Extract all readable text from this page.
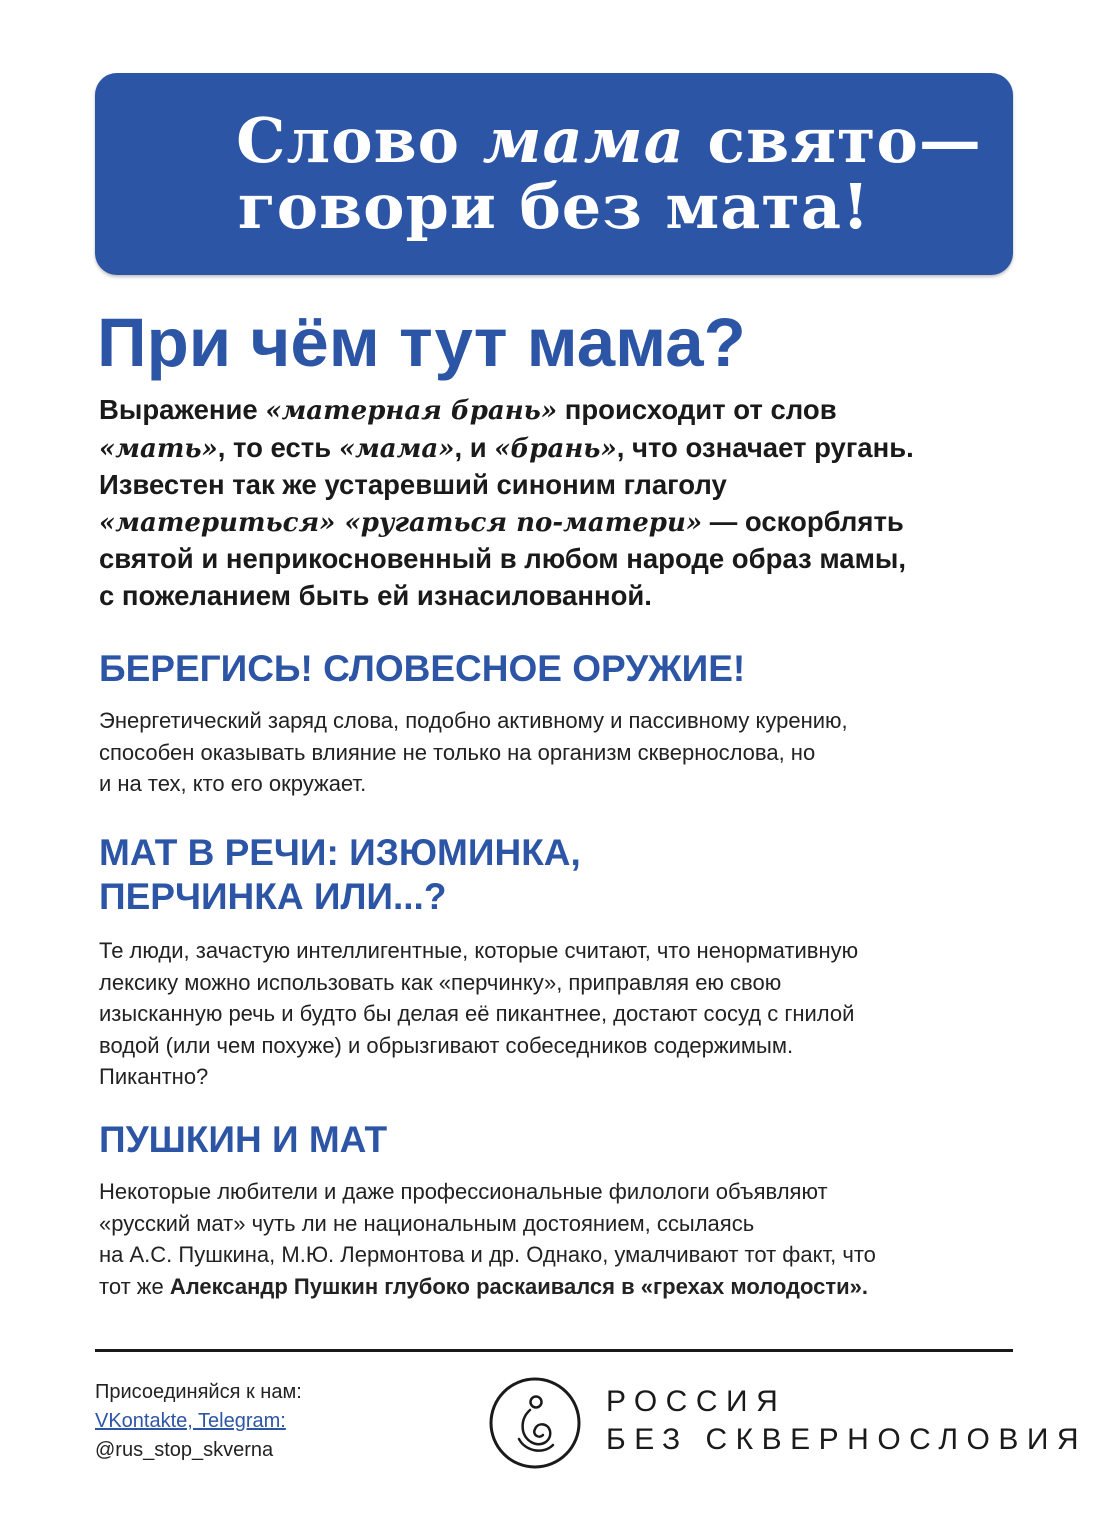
Слово мама свято—
говори без мата!
При чём тут мама?
Выражение «матерная брань» происходит от слов
«мать», то есть «мама», и «брань», что означает ругань.
Известен так же устаревший синоним глаголу
«материться» «ругаться по-матери» — оскорблять
святой и неприкосновенный в любом народе образ мамы,
с пожеланием быть ей изнасилованной.
БЕРЕГИСЬ! СЛОВЕСНОЕ ОРУЖИЕ!
Энергетический заряд слова, подобно активному и пассивному курению,
способен оказывать влияние не только на организм сквернослова, но
и на тех, кто его окружает.
МАТ В РЕЧИ: ИЗЮМИНКА,
ПЕРЧИНКА ИЛИ...?
Те люди, зачастую интеллигентные, которые считают, что ненормативную
лексику можно использовать как «перчинку», приправляя ею свою
изысканную речь и будто бы делая её пикантнее, достают сосуд с гнилой
водой (или чем похуже) и обрызгивают собеседников содержимым.
Пикантно?
ПУШКИН И МАТ
Некоторые любители и даже профессиональные филологи объявляют
«русский мат» чуть ли не национальным достоянием, ссылаясь
на А.С. Пушкина, М.Ю. Лермонтова и др. Однако, умалчивают тот факт, что
тот же Александр Пушкин глубоко раскаивался в «грехах молодости».
Присоединяйся к нам:
VKontakte, Telegram:
@rus_stop_skverna
РОССИЯ
БЕЗ СКВЕРНОСЛОВИЯ
